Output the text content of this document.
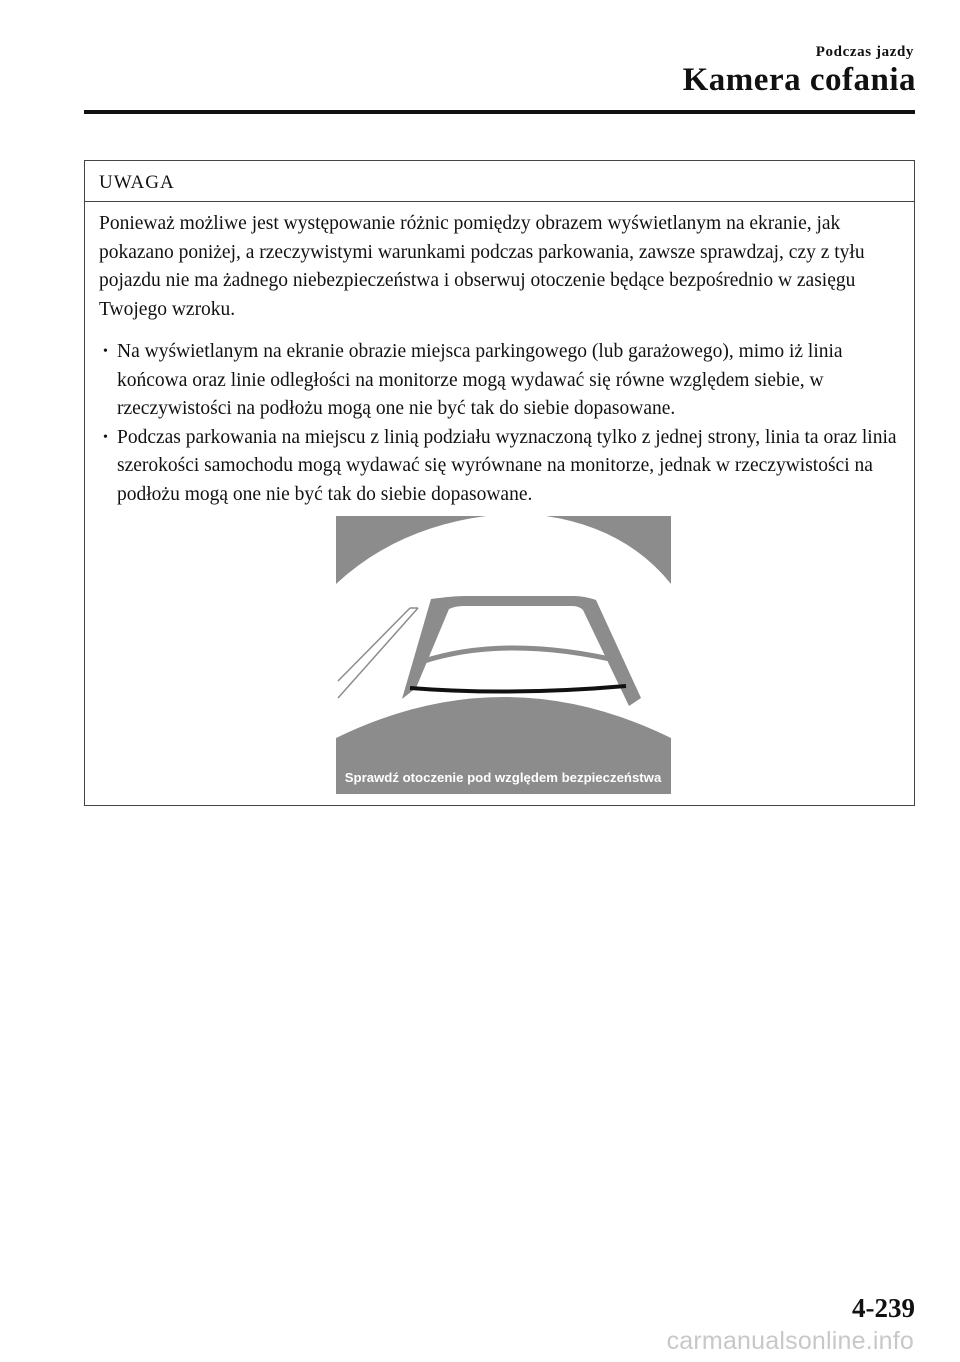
Podczas jazdy
Kamera cofania
UWAGA

Ponieważ możliwe jest występowanie różnic pomiędzy obrazem wyświetlanym na ekranie, jak pokazano poniżej, a rzeczywistymi warunkami podczas parkowania, zawsze sprawdzaj, czy z tyłu pojazdu nie ma żadnego niebezpieczeństwa i obserwuj otoczenie będące bezpośrednio w zasięgu Twojego wzroku.

• Na wyświetlanym na ekranie obrazie miejsca parkingowego (lub garażowego), mimo iż linia końcowa oraz linie odległości na monitorze mogą wydawać się równe względem siebie, w rzeczywistości na podłożu mogą one nie być tak do siebie dopasowane.
• Podczas parkowania na miejscu z linią podziału wyznaczoną tylko z jednej strony, linia ta oraz linia szerokości samochodu mogą wydawać się wyrównane na monitorze, jednak w rzeczywistości na podłożu mogą one nie być tak do siebie dopasowane.
Sprawdź otoczenie pod względem bezpieczeństwa
4-239
carmanualsonline.info
